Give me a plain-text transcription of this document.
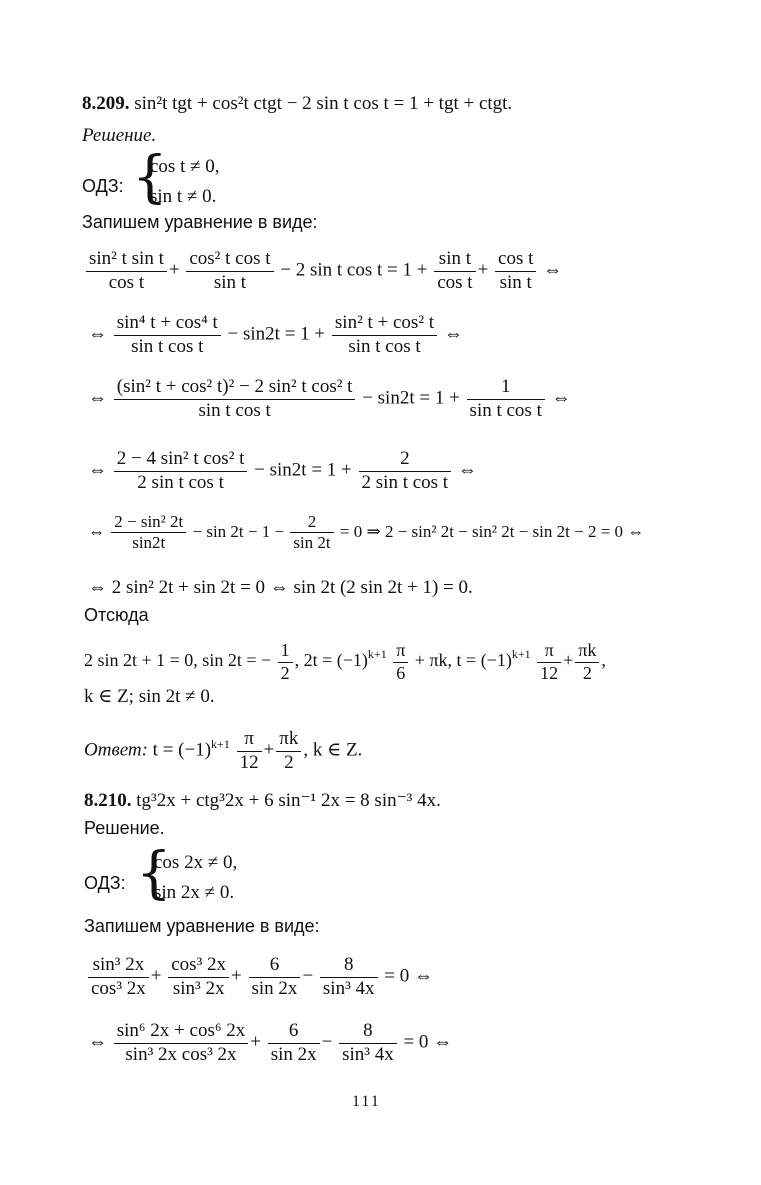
8.209. sin²t tgt + cos²t ctgt − 2 sin t cos t = 1 + tgt + ctgt.
Решение.
ОДЗ: {
cos t ≠ 0,
sin t ≠ 0.
Запишем уравнение в виде:
$\frac{\text{sin² t sin t}}{\text{cos t}} + \frac{\text{cos² t cos t}}{\text{sin t}} - 2$ sin t $\cos t = 1 + \frac{\text{sin t}}{\text{cos t}} + \frac{\text{cos t}}{\text{sin t}}$ ⇔
⇔ $\frac{\text{sin⁴ t + cos⁴ t}}{\text{sin t cos t}} - \sin 2t = 1 + \frac{\text{sin² t + cos² t}}{\text{sin t cos t}}$ ⇔
⇔ $\frac{\text{(sin² t + cos² t)² − 2 sin² t cos² t}}{\text{sin t cos t}} - \sin 2t = 1 + \frac{1}{\text{sin t cos t}}$ ⇔
⇔ $\frac{\text{2 − 4 sin² t cos² t}}{\text{2 sin t cos t}} - \sin 2t = 1 + \frac{2}{\text{2 sin t cos t}}$ ⇔
⇔ $\frac{\text{2 − sin² 2t}}{\sin 2t} - \sin 2t - 1 - \frac{2}{\sin 2t} = 0$ ⇒ 2 − sin² 2t − sin² 2t − sin 2t − 2 = 0 ⇔
⇔ 2 sin² 2t + sin 2t = 0 ⇔ sin 2t (2 sin 2t + 1) = 0.
Отсюда
2 sin 2t + 1 = 0, sin 2t = − $\frac{1}{2}$ , $2t = (-1)^{k+1} \frac{\pi}{6} + \pi k$, $t = (-1)^{k+1} \frac{\pi}{12} + \frac{\pi k}{2}$ ,
k ∈ Z; sin 2t ≠ 0.
Ответ: $t = (-1)^{k+1} \frac{\pi}{12} + \frac{\pi k}{2}$ , k ∈ Z.
8.210. tg³2x + ctg³2x + 6 sin⁻¹ 2x = 8 sin⁻³ 4x.
Решение.
ОДЗ: {
cos 2x ≠ 0,
sin 2x ≠ 0.
Запишем уравнение в виде:
$\frac{\text{sin³ 2x}}{\text{cos³ 2x}} + \frac{\text{cos³ 2x}}{\text{sin³ 2x}} + \frac{6}{\sin 2x} - \frac{8}{\text{sin³ 4x}} = 0$ ⇔
⇔ $\frac{\text{sin⁶ 2x + cos⁶ 2x}}{\text{sin³ 2x cos³ 2x}} + \frac{6}{\sin 2x} - \frac{8}{\text{sin³ 4x}} = 0$ ⇔
111
